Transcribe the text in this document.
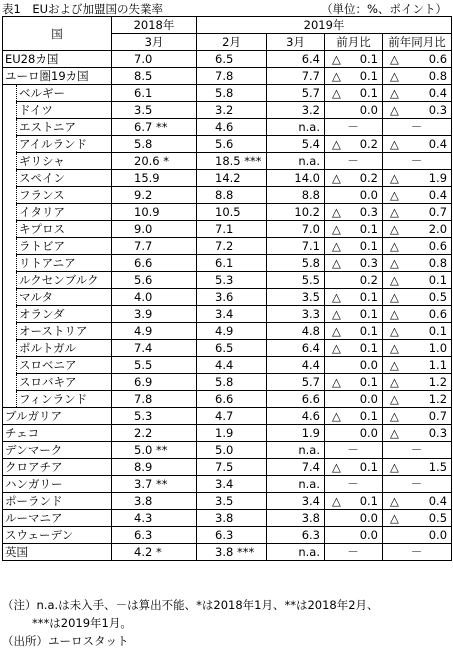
表1　EUおよび加盟国の失業率	（単位：%、ポイント）
国		2018年	2019年			
		3月	2月	3月	前月比	前年同月比
EU28カ国		7.0	6.5	6.4	△ 0.1	△ 0.6
ユーロ圏19カ国		8.5	7.8	7.7	△ 0.1	△ 0.8
	ベルギー	6.1	5.8	5.7	△ 0.1	△ 0.4
	ドイツ	3.5	3.2	3.2	0.0	△ 0.3
	エストニア	6.7 **	4.6	n.a.	－	－
	アイルランド	5.8	5.6	5.4	△ 0.2	△ 0.4
	ギリシャ	20.6 *	18.5 ***	n.a.	－	－
	スペイン	15.9	14.2	14.0	△ 0.2	△ 1.9
	フランス	9.2	8.8	8.8	0.0	△ 0.4
	イタリア	10.9	10.5	10.2	△ 0.3	△ 0.7
	キプロス	9.0	7.1	7.0	△ 0.1	△ 2.0
	ラトビア	7.7	7.2	7.1	△ 0.1	△ 0.6
	リトアニア	6.6	6.1	5.8	△ 0.3	△ 0.8
	ルクセンブルク	5.6	5.3	5.5	0.2	△ 0.1
	マルタ	4.0	3.6	3.5	△ 0.1	△ 0.5
	オランダ	3.9	3.4	3.3	△ 0.1	△ 0.6
	オーストリア	4.9	4.9	4.8	△ 0.1	△ 0.1
	ポルトガル	7.4	6.5	6.4	△ 0.1	△ 1.0
	スロベニア	5.5	4.4	4.4	0.0	△ 1.1
	スロバキア	6.9	5.8	5.7	△ 0.1	△ 1.2
	フィンランド	7.8	6.6	6.6	0.0	△ 1.2
ブルガリア		5.3	4.7	4.6	△ 0.1	△ 0.7
チェコ		2.2	1.9	1.9	0.0	△ 0.3
デンマーク		5.0 **	5.0	n.a.	－	－
クロアチア		8.9	7.5	7.4	△ 0.1	△ 1.5
ハンガリー		3.7 **	3.4	n.a.	－	－
ポーランド		3.8	3.5	3.4	△ 0.1	△ 0.4
ルーマニア		4.3	3.8	3.8	0.0	△ 0.5
スウェーデン		6.3	6.3	6.3	0.0	0.0
英国		4.2 *	3.8 ***	n.a.	－	－
（注）n.a.は未入手、－は算出不能、*は2018年1月、**は2018年2月、
***は2019年1月。
（出所）ユーロスタット
